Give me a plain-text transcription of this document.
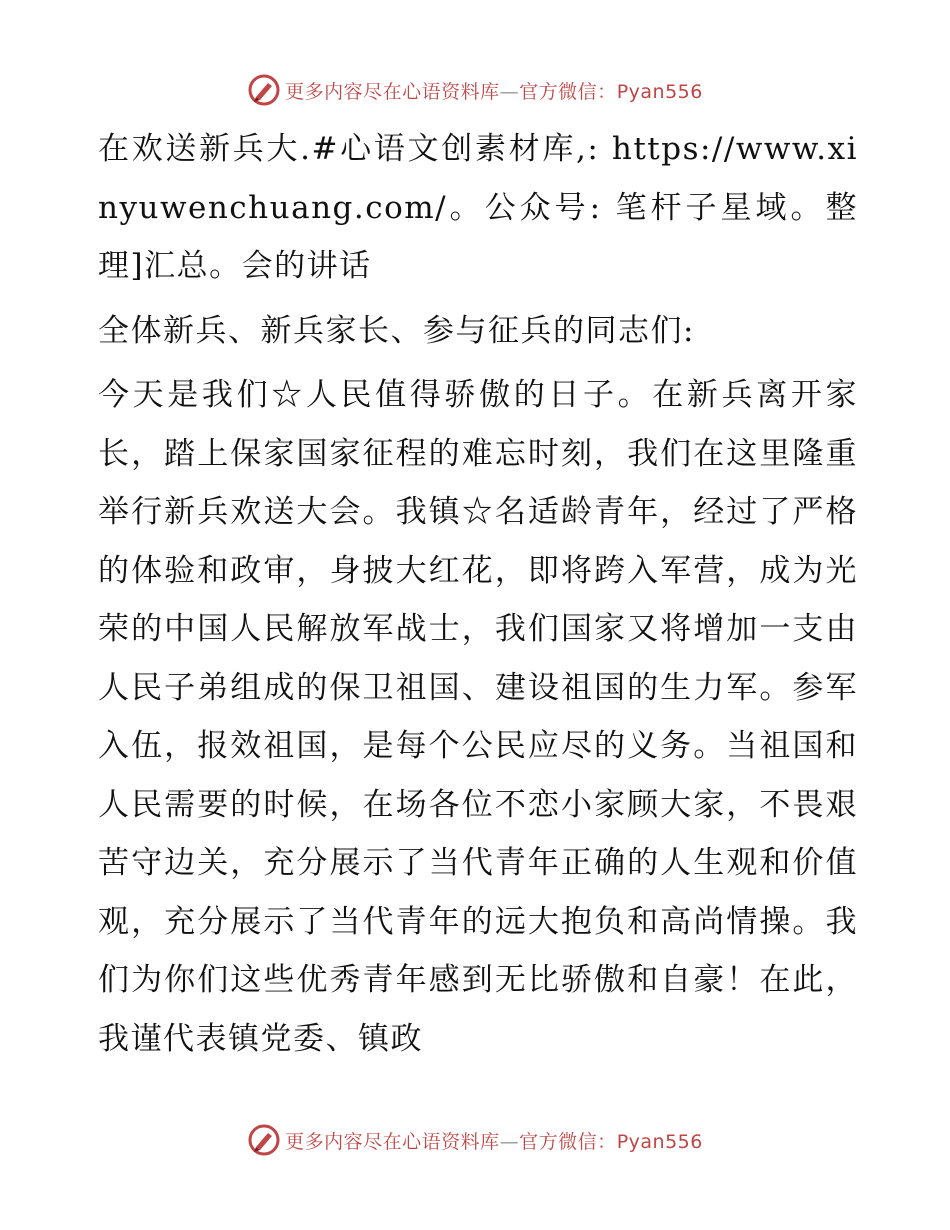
更多内容尽在心语资料库—官方微信：Pyan556

在欢送新兵大.#心语文创素材库,: https://www.xinyuwenchuang.com/。公众号: 笔杆子星域。整理]汇总。会的讲话

全体新兵、新兵家长、参与征兵的同志们:

今天是我们☆人民值得骄傲的日子。在新兵离开家长，踏上保家国家征程的难忘时刻，我们在这里隆重举行新兵欢送大会。我镇☆名适龄青年，经过了严格的体验和政审，身披大红花，即将跨入军营，成为光荣的中国人民解放军战士，我们国家又将增加一支由人民子弟组成的保卫祖国、建设祖国的生力军。参军入伍，报效祖国，是每个公民应尽的义务。当祖国和人民需要的时候，在场各位不恋小家顾大家，不畏艰苦守边关，充分展示了当代青年正确的人生观和价值观，充分展示了当代青年的远大抱负和高尚情操。我们为你们这些优秀青年感到无比骄傲和自豪！在此，我谨代表镇党委、镇政

更多内容尽在心语资料库—官方微信：Pyan556
